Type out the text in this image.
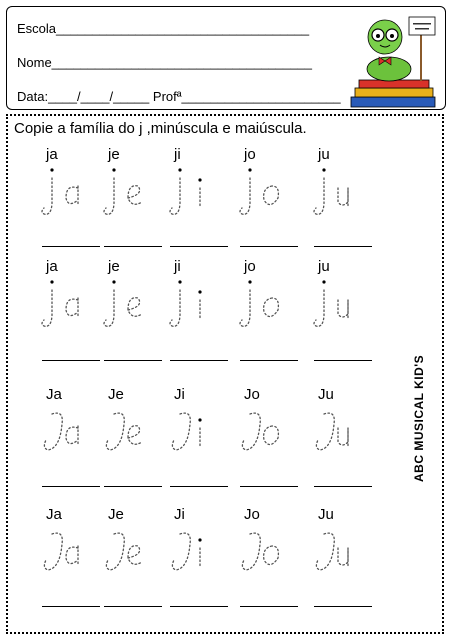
Escola___________________________________
Nome____________________________________
Data:____/____/_____ Profª______________________
Copie a família do j ,minúscula e maiúscula.
ABC MUSICAL KID'S
ja	je	ji	jo	ju
ja	je	ji	jo	ju
Ja	Je	Ji	Jo	Ju
Ja	Je	Ji	Jo	Ju
